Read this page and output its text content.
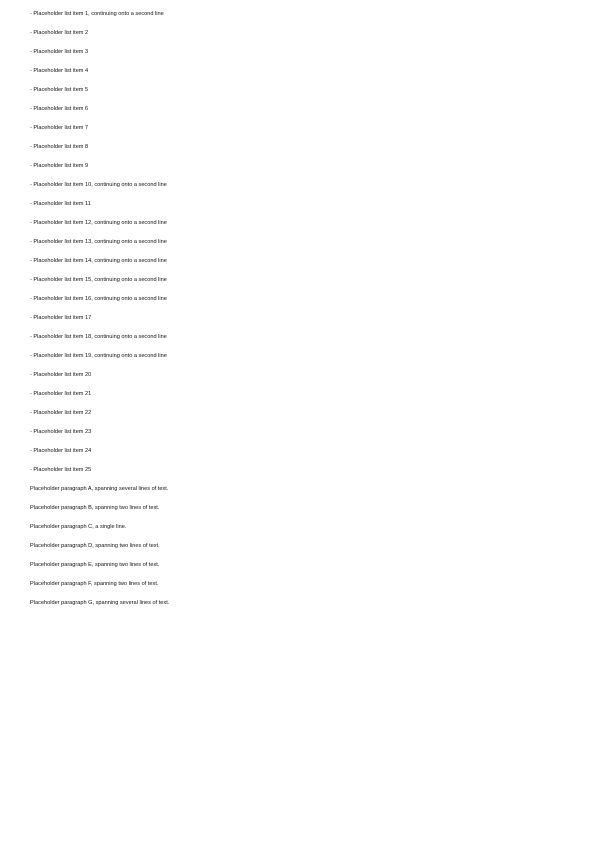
- Placeholder list item 1, continuing onto a second line
- Placeholder list item 2
- Placeholder list item 3
- Placeholder list item 4
- Placeholder list item 5
- Placeholder list item 6
- Placeholder list item 7
- Placeholder list item 8
- Placeholder list item 9
- Placeholder list item 10, continuing onto a second line
- Placeholder list item 11
- Placeholder list item 12, continuing onto a second line
- Placeholder list item 13, continuing onto a second line
- Placeholder list item 14, continuing onto a second line
- Placeholder list item 15, continuing onto a second line
- Placeholder list item 16, continuing onto a second line
- Placeholder list item 17
- Placeholder list item 18, continuing onto a second line
- Placeholder list item 19, continuing onto a second line
- Placeholder list item 20
- Placeholder list item 21
- Placeholder list item 22
- Placeholder list item 23
- Placeholder list item 24
- Placeholder list item 25
Placeholder paragraph A, spanning several lines of text.
Placeholder paragraph B, spanning two lines of text.
Placeholder paragraph C, a single line.
Placeholder paragraph D, spanning two lines of text.
Placeholder paragraph E, spanning two lines of text.
Placeholder paragraph F, spanning two lines of text.
Placeholder paragraph G, spanning several lines of text.
